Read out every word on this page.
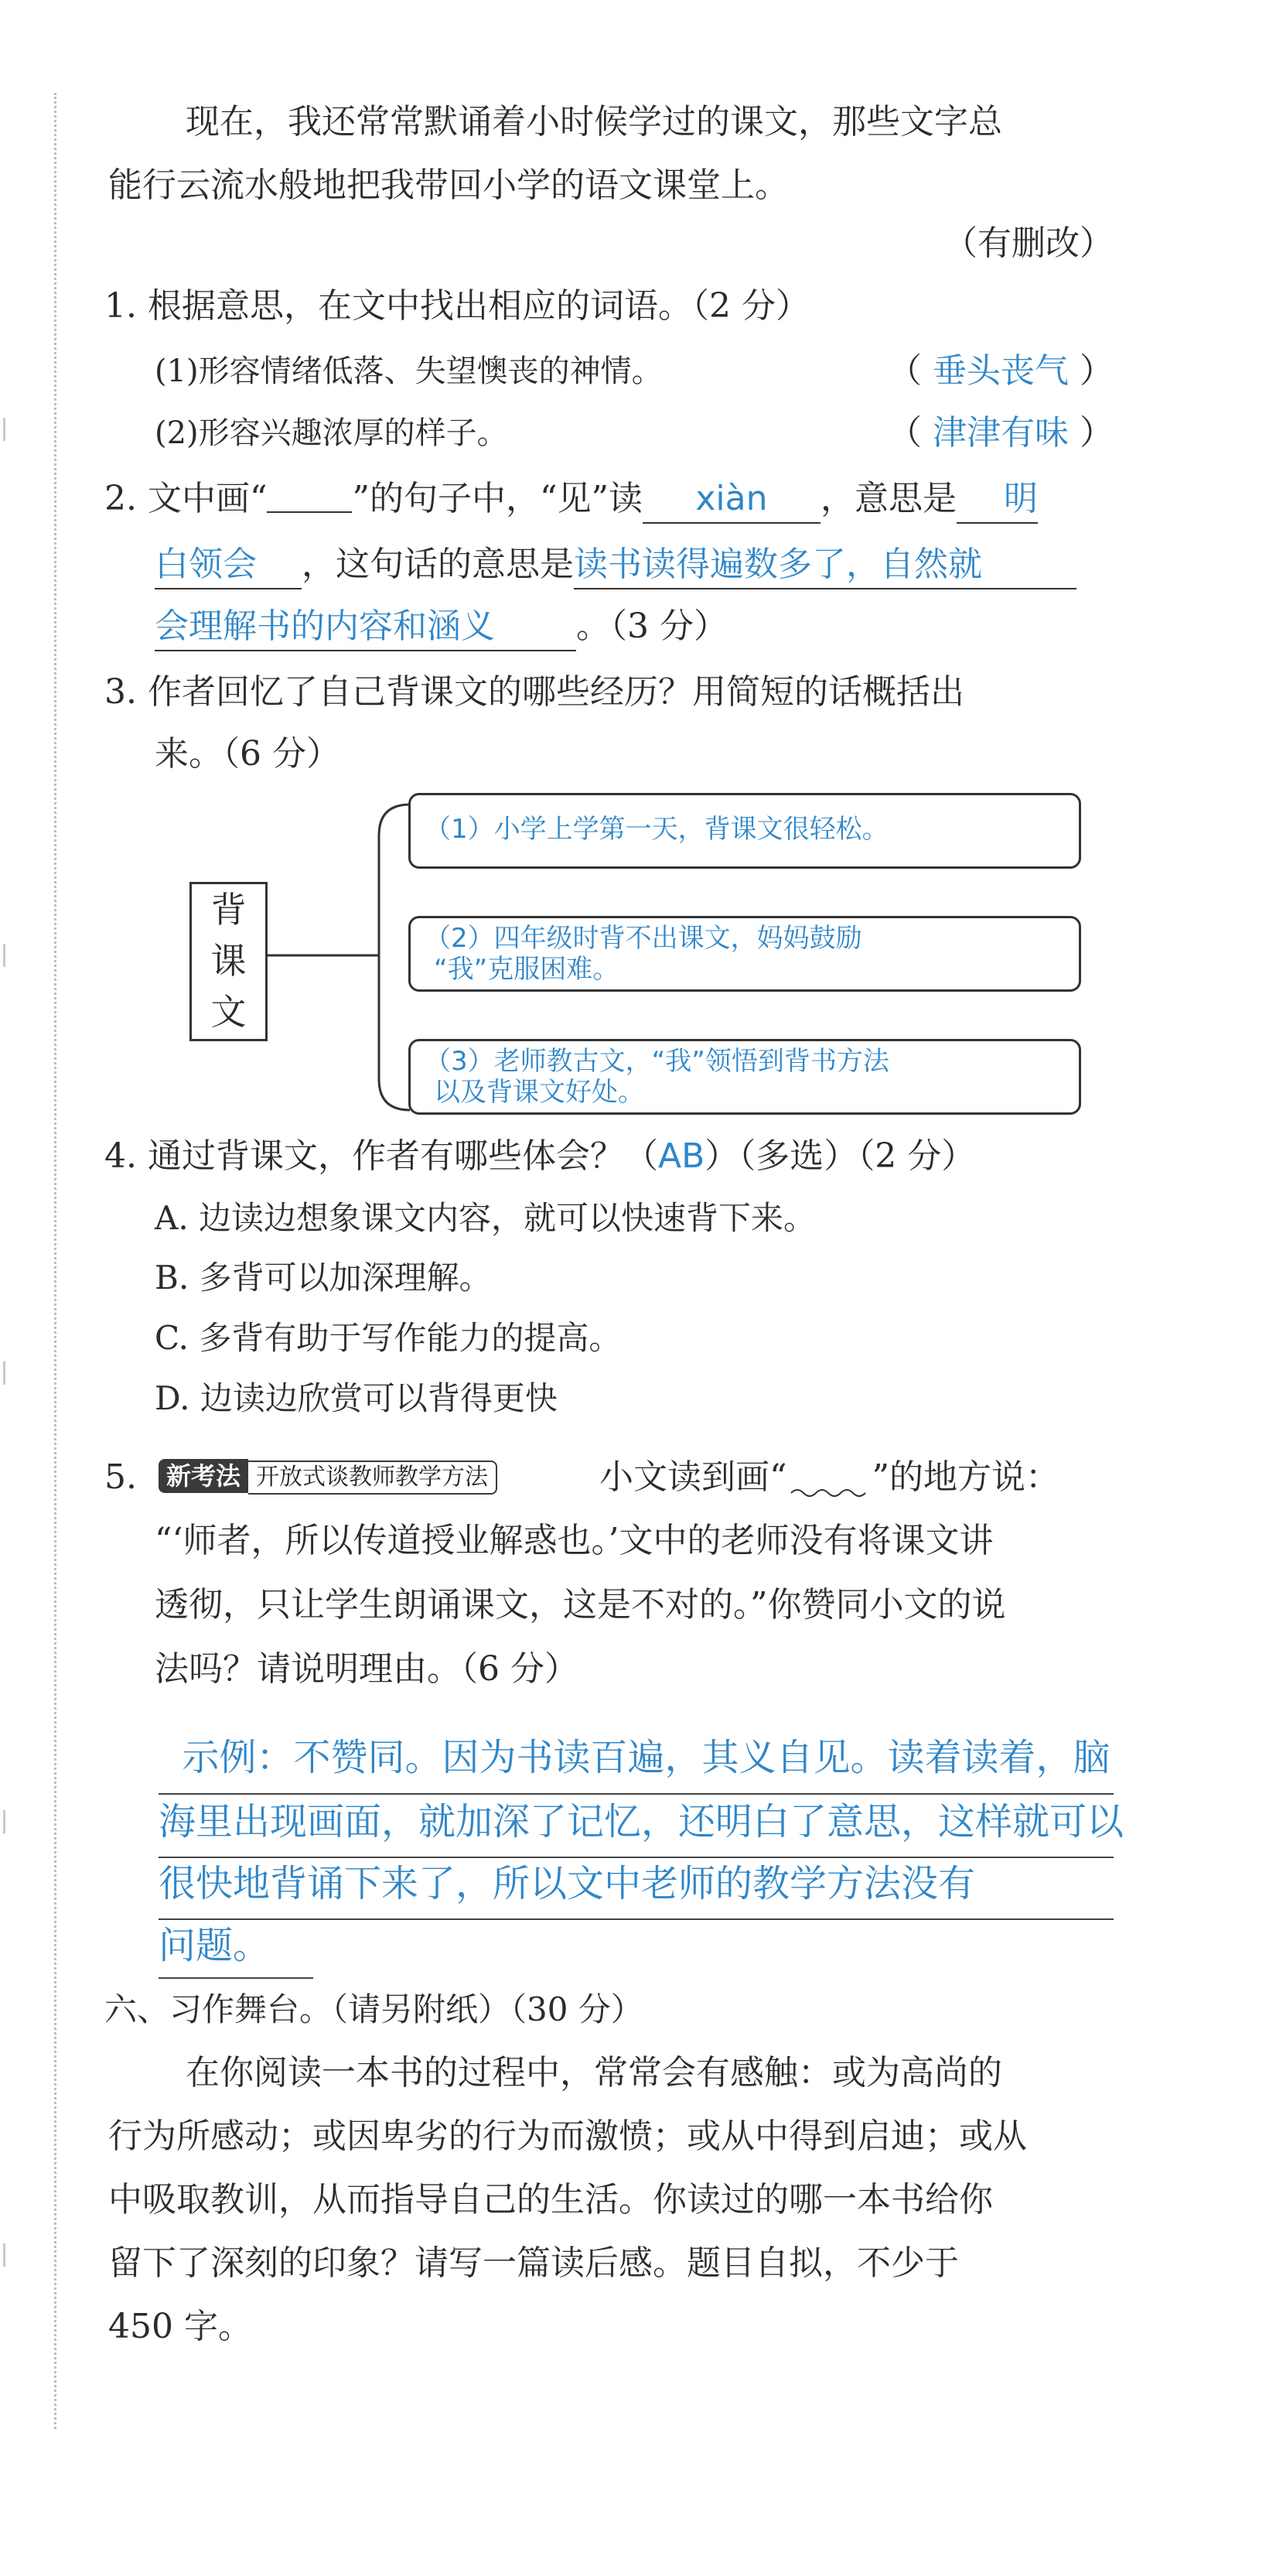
现在，我还常常默诵着小时候学过的课文，那些文字总
能行云流水般地把我带回小学的语文课堂上。
（有删改）
1. 根据意思，在文中找出相应的词语。（2 分）
(1)形容情绪低落、失望懊丧的神情。	（ 垂头丧气 ）
(2)形容兴趣浓厚的样子。	（ 津津有味 ）
2. 文中画“	”的句子中，“见”读 xiàn ，意思是 明
白领会 ，这句话的意思是读书读得遍数多了，自然就
会理解书的内容和涵义 。（3 分）
3. 作者回忆了自己背课文的哪些经历？用简短的话概括出
来。（6 分）
背
课
文
（1）小学上学第一天，背课文很轻松。
（2）四年级时背不出课文，妈妈鼓励
“我”克服困难。
（3）老师教古文，“我”领悟到背书方法
以及背课文好处。
4. 通过背课文，作者有哪些体会？（AB）（多选）（2 分）
A. 边读边想象课文内容，就可以快速背下来。
B. 多背可以加深理解。
C. 多背有助于写作能力的提高。
D. 边读边欣赏可以背得更快
5.	新考法 开放式谈教师教学方法	小文读到画“	”的地方说：
“‘师者，所以传道授业解惑也。’文中的老师没有将课文讲
透彻，只让学生朗诵课文，这是不对的。”你赞同小文的说
法吗？请说明理由。（6 分）
示例：不赞同。因为书读百遍，其义自见。读着读着，脑
海里出现画面，就加深了记忆，还明白了意思，这样就可以
很快地背诵下来了，所以文中老师的教学方法没有
问题。
六、习作舞台。（请另附纸）（30 分）
在你阅读一本书的过程中，常常会有感触：或为高尚的
行为所感动；或因卑劣的行为而激愤；或从中得到启迪；或从
中吸取教训，从而指导自己的生活。你读过的哪一本书给你
留下了深刻的印象？请写一篇读后感。题目自拟，不少于
450 字。
